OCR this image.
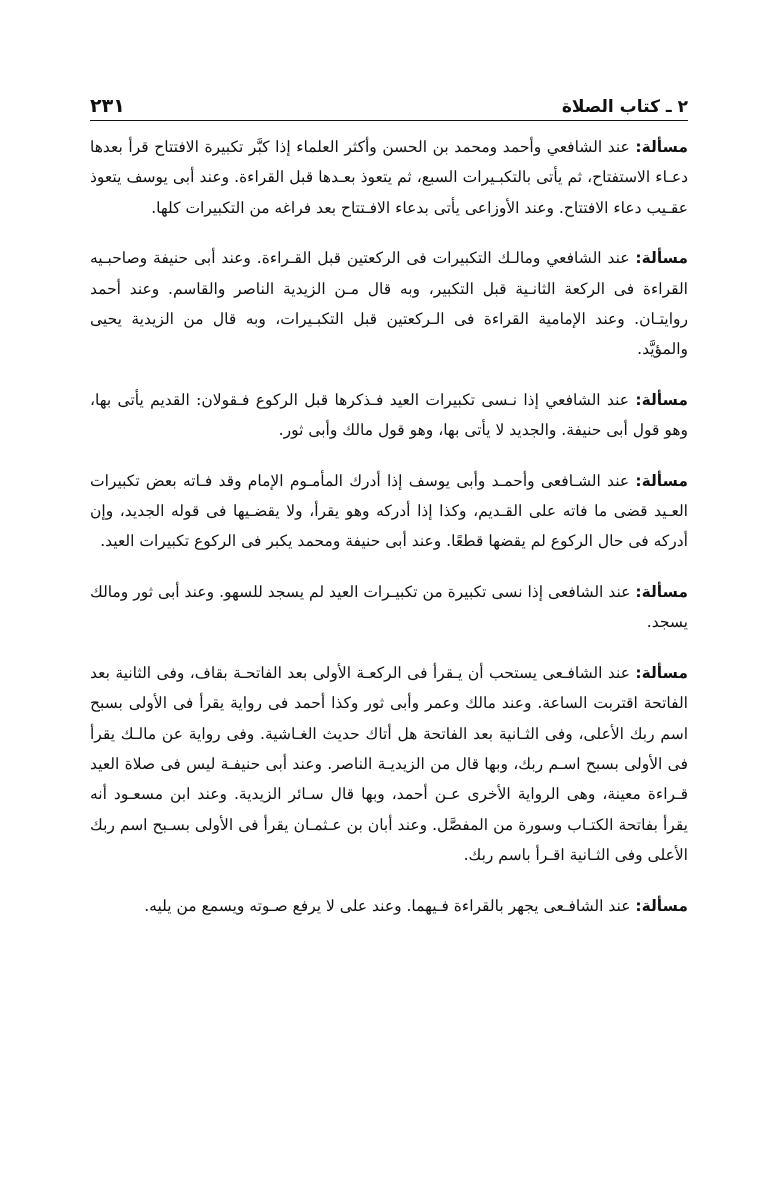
٢ ـ كتاب الصلاة
٢٣١

مسألة: عند الشافعي وأحمد ومحمد بن الحسن وأكثر العلماء إذا كبَّر تكبيرة الافتتاح قرأ بعدها دعـاء الاستفتاح، ثم يأتى بالتكبـيرات السبع، ثم يتعوذ بعـدها قبل القراءة. وعند أبى يوسف يتعوذ عقـيب دعاء الافتتاح. وعند الأوزاعى يأتى بدعاء الافـتتاح بعد فراغه من التكبيرات كلها.

مسألة: عند الشافعي ومالـك التكبيرات فى الركعتين قبل القـراءة. وعند أبى حنيفة وصاحبـيه القراءة فى الركعة الثانـية قبل التكبير، وبه قال مـن الزيدية الناصر والقاسم. وعند أحمد روايتـان. وعند الإمامية القراءة فى الـركعتين قبل التكبـيرات، وبه قال من الزيدية يحيى والمؤيَّد.

مسألة: عند الشافعي إذا نـسى تكبيرات العيد فـذكرها قبل الركوع فـقولان: القديم يأتى بها، وهو قول أبى حنيفة. والجديد لا يأتى بها، وهو قول مالك وأبى ثور.

مسألة: عند الشـافعى وأحمـد وأبى يوسف إذا أدرك المأمـوم الإمام وقد فـاته بعض تكبيرات العـيد قضى ما فاته على القـديم، وكذا إذا أدركه وهو يقرأ، ولا يقضـيها فى قوله الجديد، وإن أدركه فى حال الركوع لم يقضها قطعًا. وعند أبى حنيفة ومحمد يكبر فى الركوع تكبيرات العيد.

مسألة: عند الشافعى إذا نسى تكبيرة من تكبيـرات العيد لم يسجد للسهو. وعند أبى ثور ومالك يسجد.

مسألة: عند الشافـعى يستحب أن يـقرأ فى الركعـة الأولى بعد الفاتحـة بقاف، وفى الثانية بعد الفاتحة اقتربت الساعة. وعند مالك وعمر وأبى ثور وكذا أحمد فى رواية يقرأ فى الأولى بسبح اسم ربك الأعلى، وفى الثـانية بعد الفاتحة هل أتاك حديث الغـاشية. وفى رواية عن مالـك يقرأ فى الأولى بسبح اسـم ربك، وبها قال من الزيديـة الناصر. وعند أبى حنيفـة ليس فى صلاة العيد قـراءة معينة، وهى الرواية الأخرى عـن أحمد، وبها قال سـائر الزيدية. وعند ابن مسعـود أنه يقرأ بفاتحة الكتـاب وسورة من المفصَّل. وعند أبان بن عـثمـان يقرأ فى الأولى بسـبح اسم ربك الأعلى وفى الثـانية اقـرأ باسم ربك.

مسألة: عند الشافـعى يجهر بالقراءة فـيهما. وعند على لا يرفع صـوته ويسمع من يليه.
